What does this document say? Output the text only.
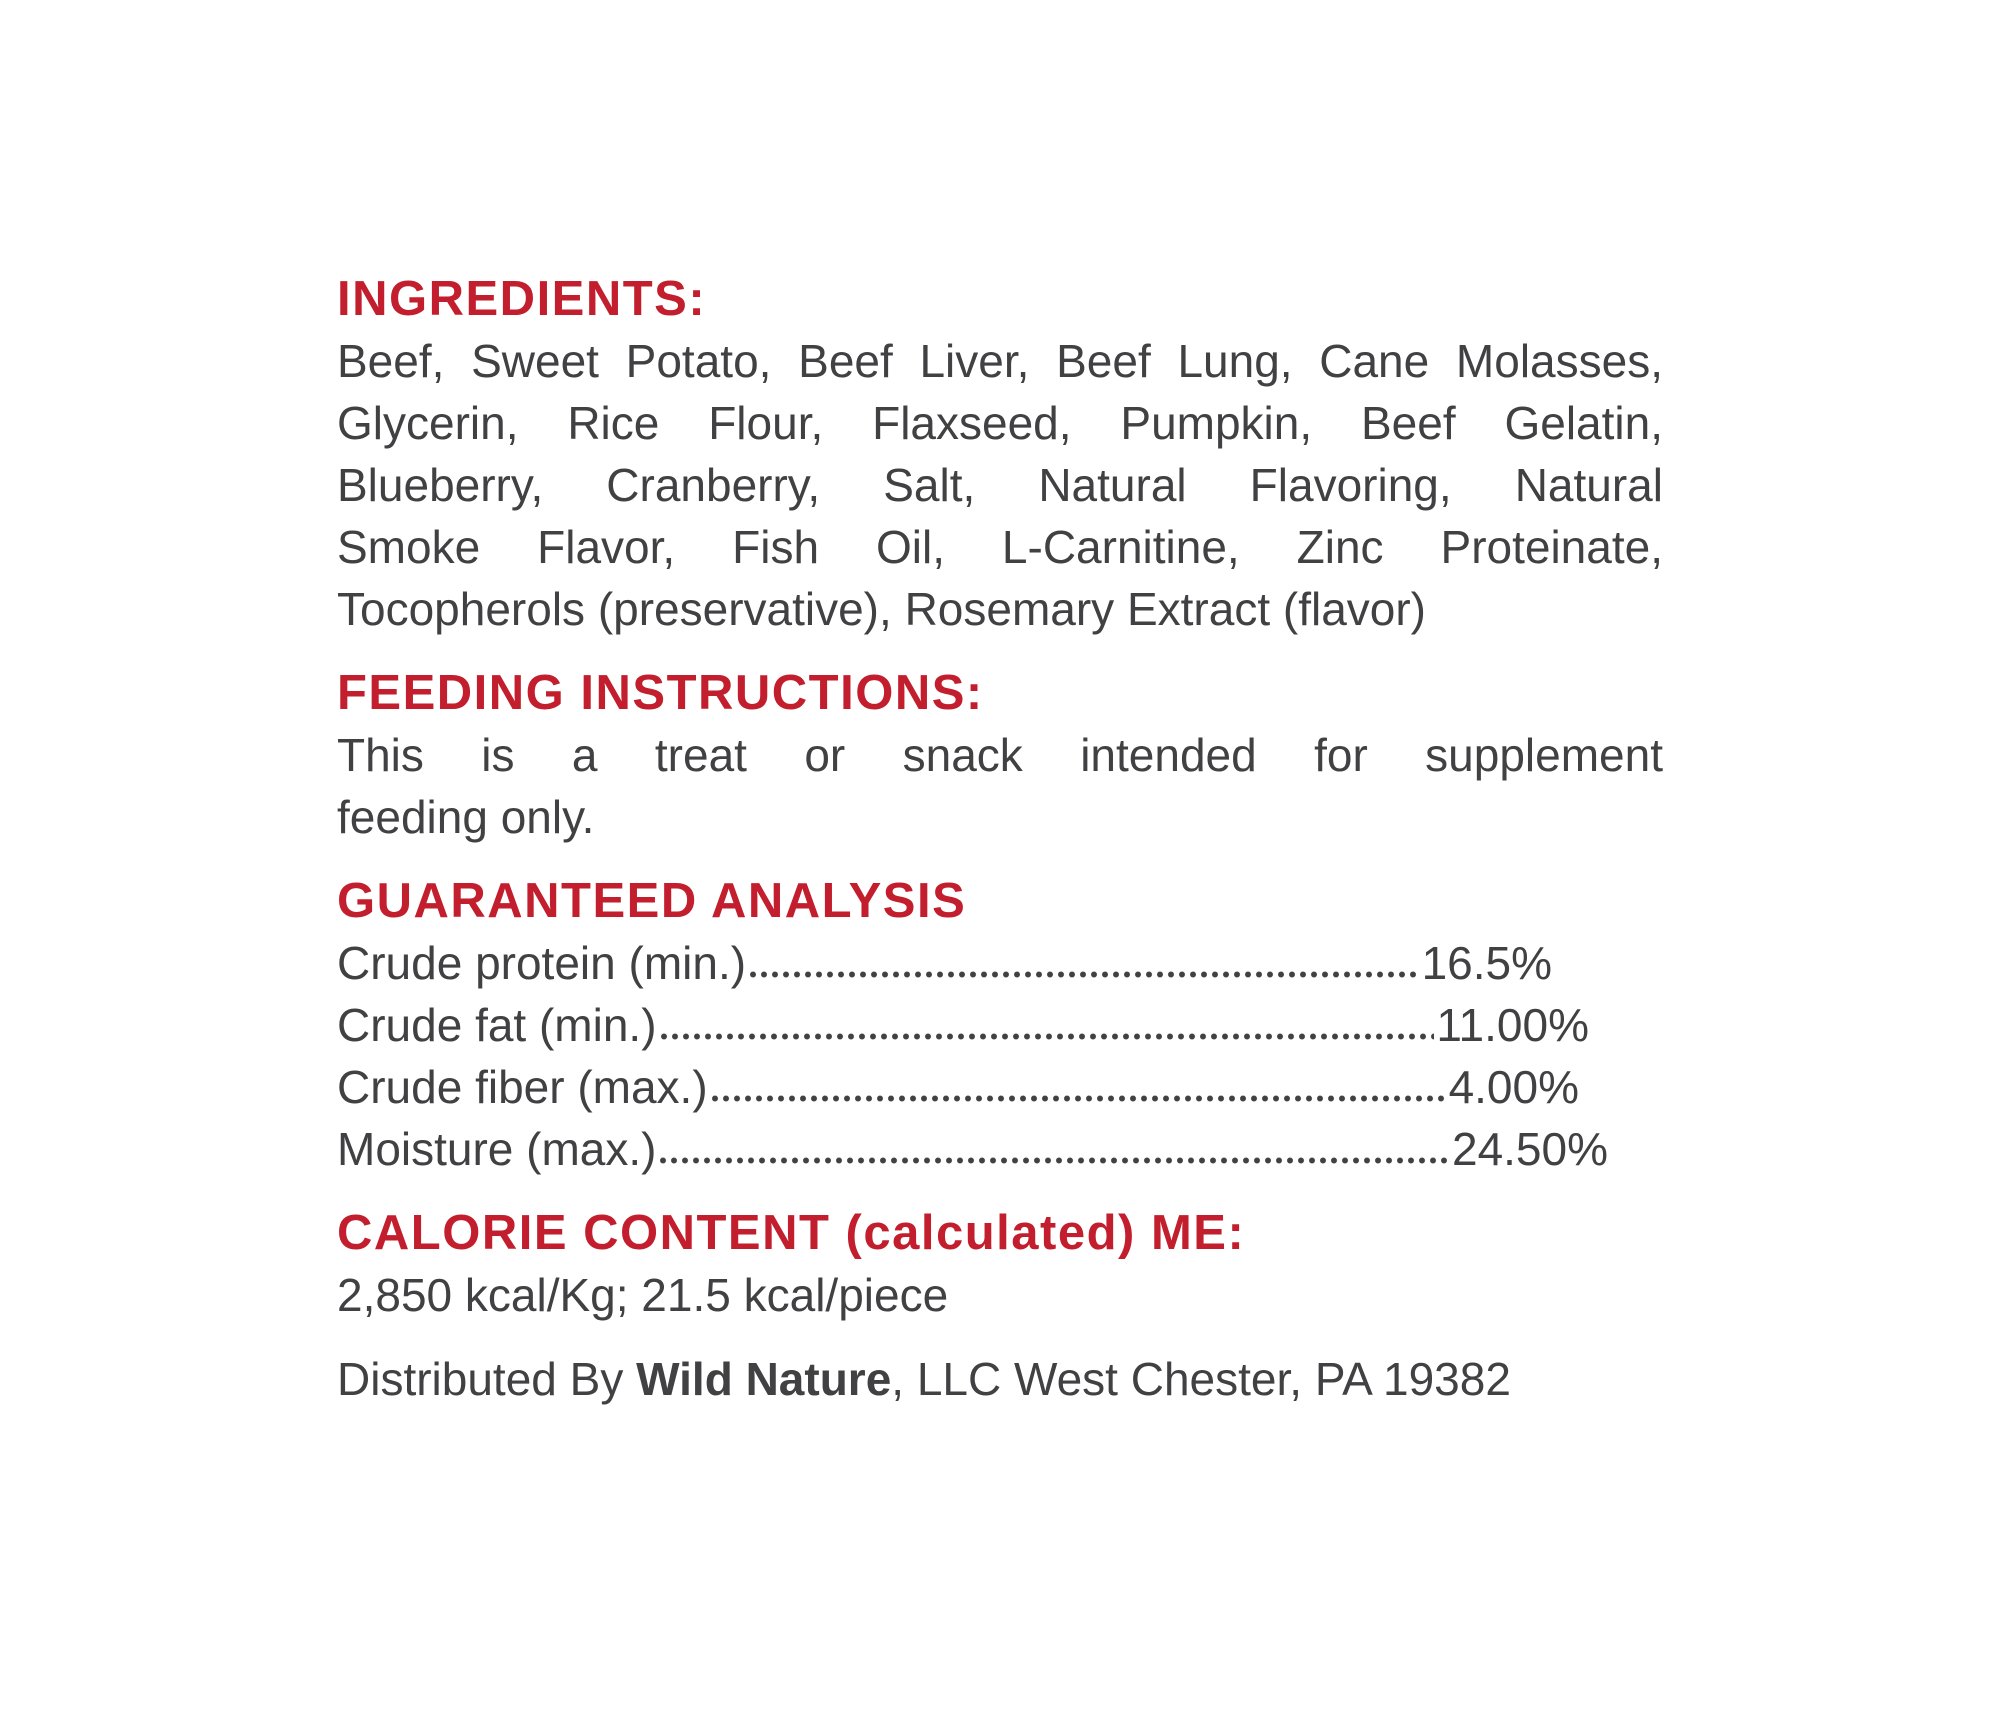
INGREDIENTS:
Beef, Sweet Potato, Beef Liver, Beef Lung, Cane Molasses,
Glycerin, Rice Flour, Flaxseed, Pumpkin, Beef Gelatin,
Blueberry, Cranberry, Salt, Natural Flavoring, Natural
Smoke Flavor, Fish Oil, L-Carnitine, Zinc Proteinate,
Tocopherols (preservative), Rosemary Extract (flavor)
FEEDING INSTRUCTIONS:
This is a treat or snack intended for supplement
feeding only.
GUARANTEED ANALYSIS
Crude protein (min.)	16.5%
Crude fat (min.)	11.00%
Crude fiber (max.)	4.00%
Moisture (max.)	24.50%
CALORIE CONTENT (calculated) ME:

2,850 kcal/Kg; 21.5 kcal/piece

Distributed By Wild Nature, LLC West Chester, PA 19382
